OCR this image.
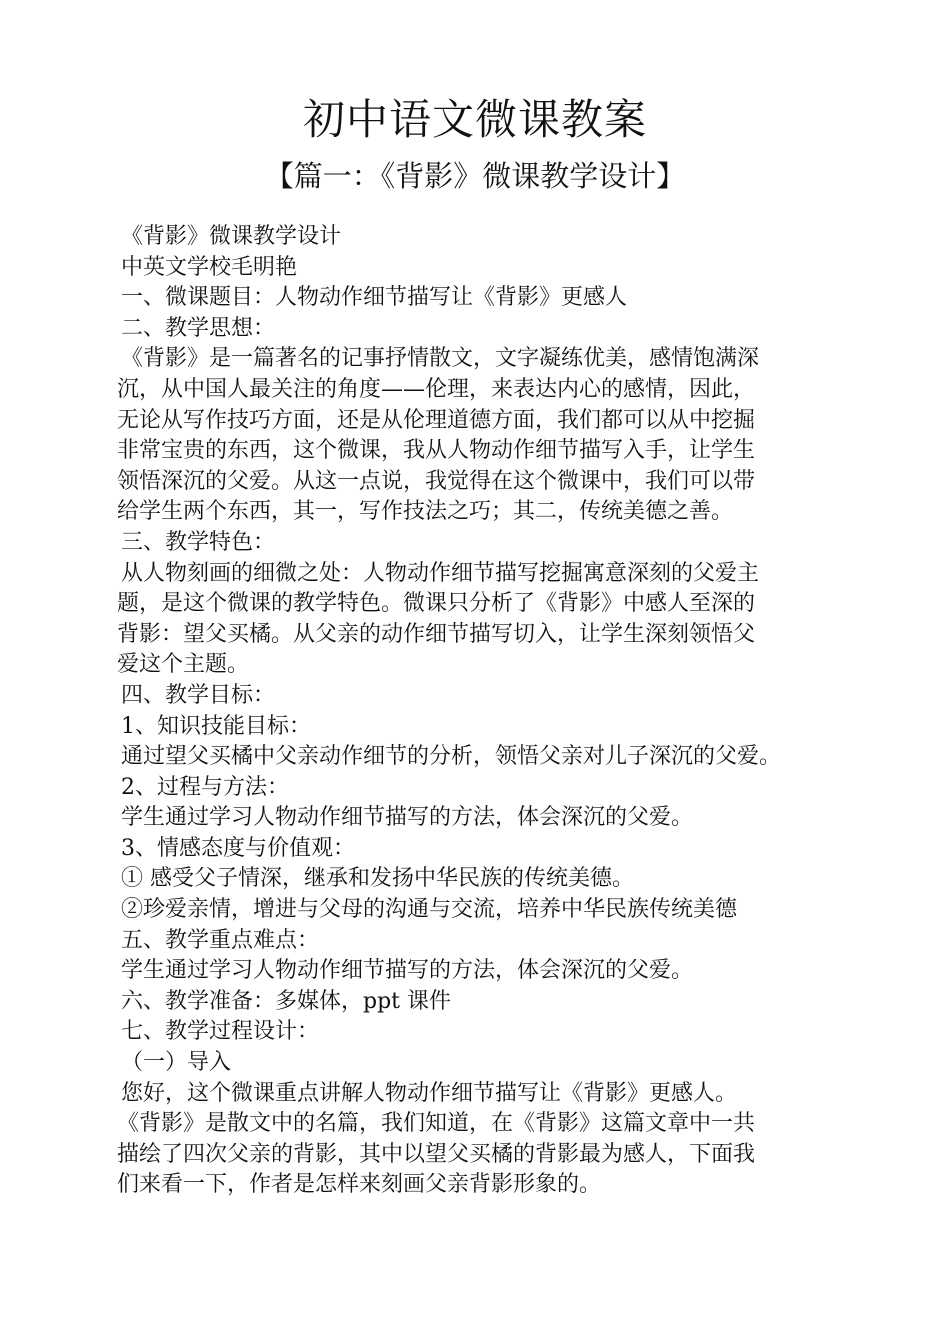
初中语文微课教案
【篇一：《背影》微课教学设计】
《背影》微课教学设计
中英文学校毛明艳
一、微课题目：人物动作细节描写让《背影》更感人
二、教学思想：
《背影》是一篇著名的记事抒情散文，文字凝练优美，感情饱满深
沉，从中国人最关注的角度——伦理，来表达内心的感情，因此，
无论从写作技巧方面，还是从伦理道德方面，我们都可以从中挖掘
非常宝贵的东西，这个微课，我从人物动作细节描写入手，让学生
领悟深沉的父爱。从这一点说，我觉得在这个微课中，我们可以带
给学生两个东西，其一，写作技法之巧；其二，传统美德之善。
三、教学特色：
从人物刻画的细微之处：人物动作细节描写挖掘寓意深刻的父爱主
题，是这个微课的教学特色。微课只分析了《背影》中感人至深的
背影：望父买橘。从父亲的动作细节描写切入，让学生深刻领悟父
爱这个主题。
四、教学目标：
1、知识技能目标：
通过望父买橘中父亲动作细节的分析，领悟父亲对儿子深沉的父爱。
2、过程与方法：
学生通过学习人物动作细节描写的方法，体会深沉的父爱。
3、情感态度与价值观：
① 感受父子情深，继承和发扬中华民族的传统美德。
②珍爱亲情，增进与父母的沟通与交流，培养中华民族传统美德
五、教学重点难点：
学生通过学习人物动作细节描写的方法，体会深沉的父爱。
六、教学准备：多媒体，ppt 课件
七、教学过程设计：
（一）导入
您好，这个微课重点讲解人物动作细节描写让《背影》更感人。
《背影》是散文中的名篇，我们知道，在《背影》这篇文章中一共
描绘了四次父亲的背影，其中以望父买橘的背影最为感人，下面我
们来看一下，作者是怎样来刻画父亲背影形象的。
